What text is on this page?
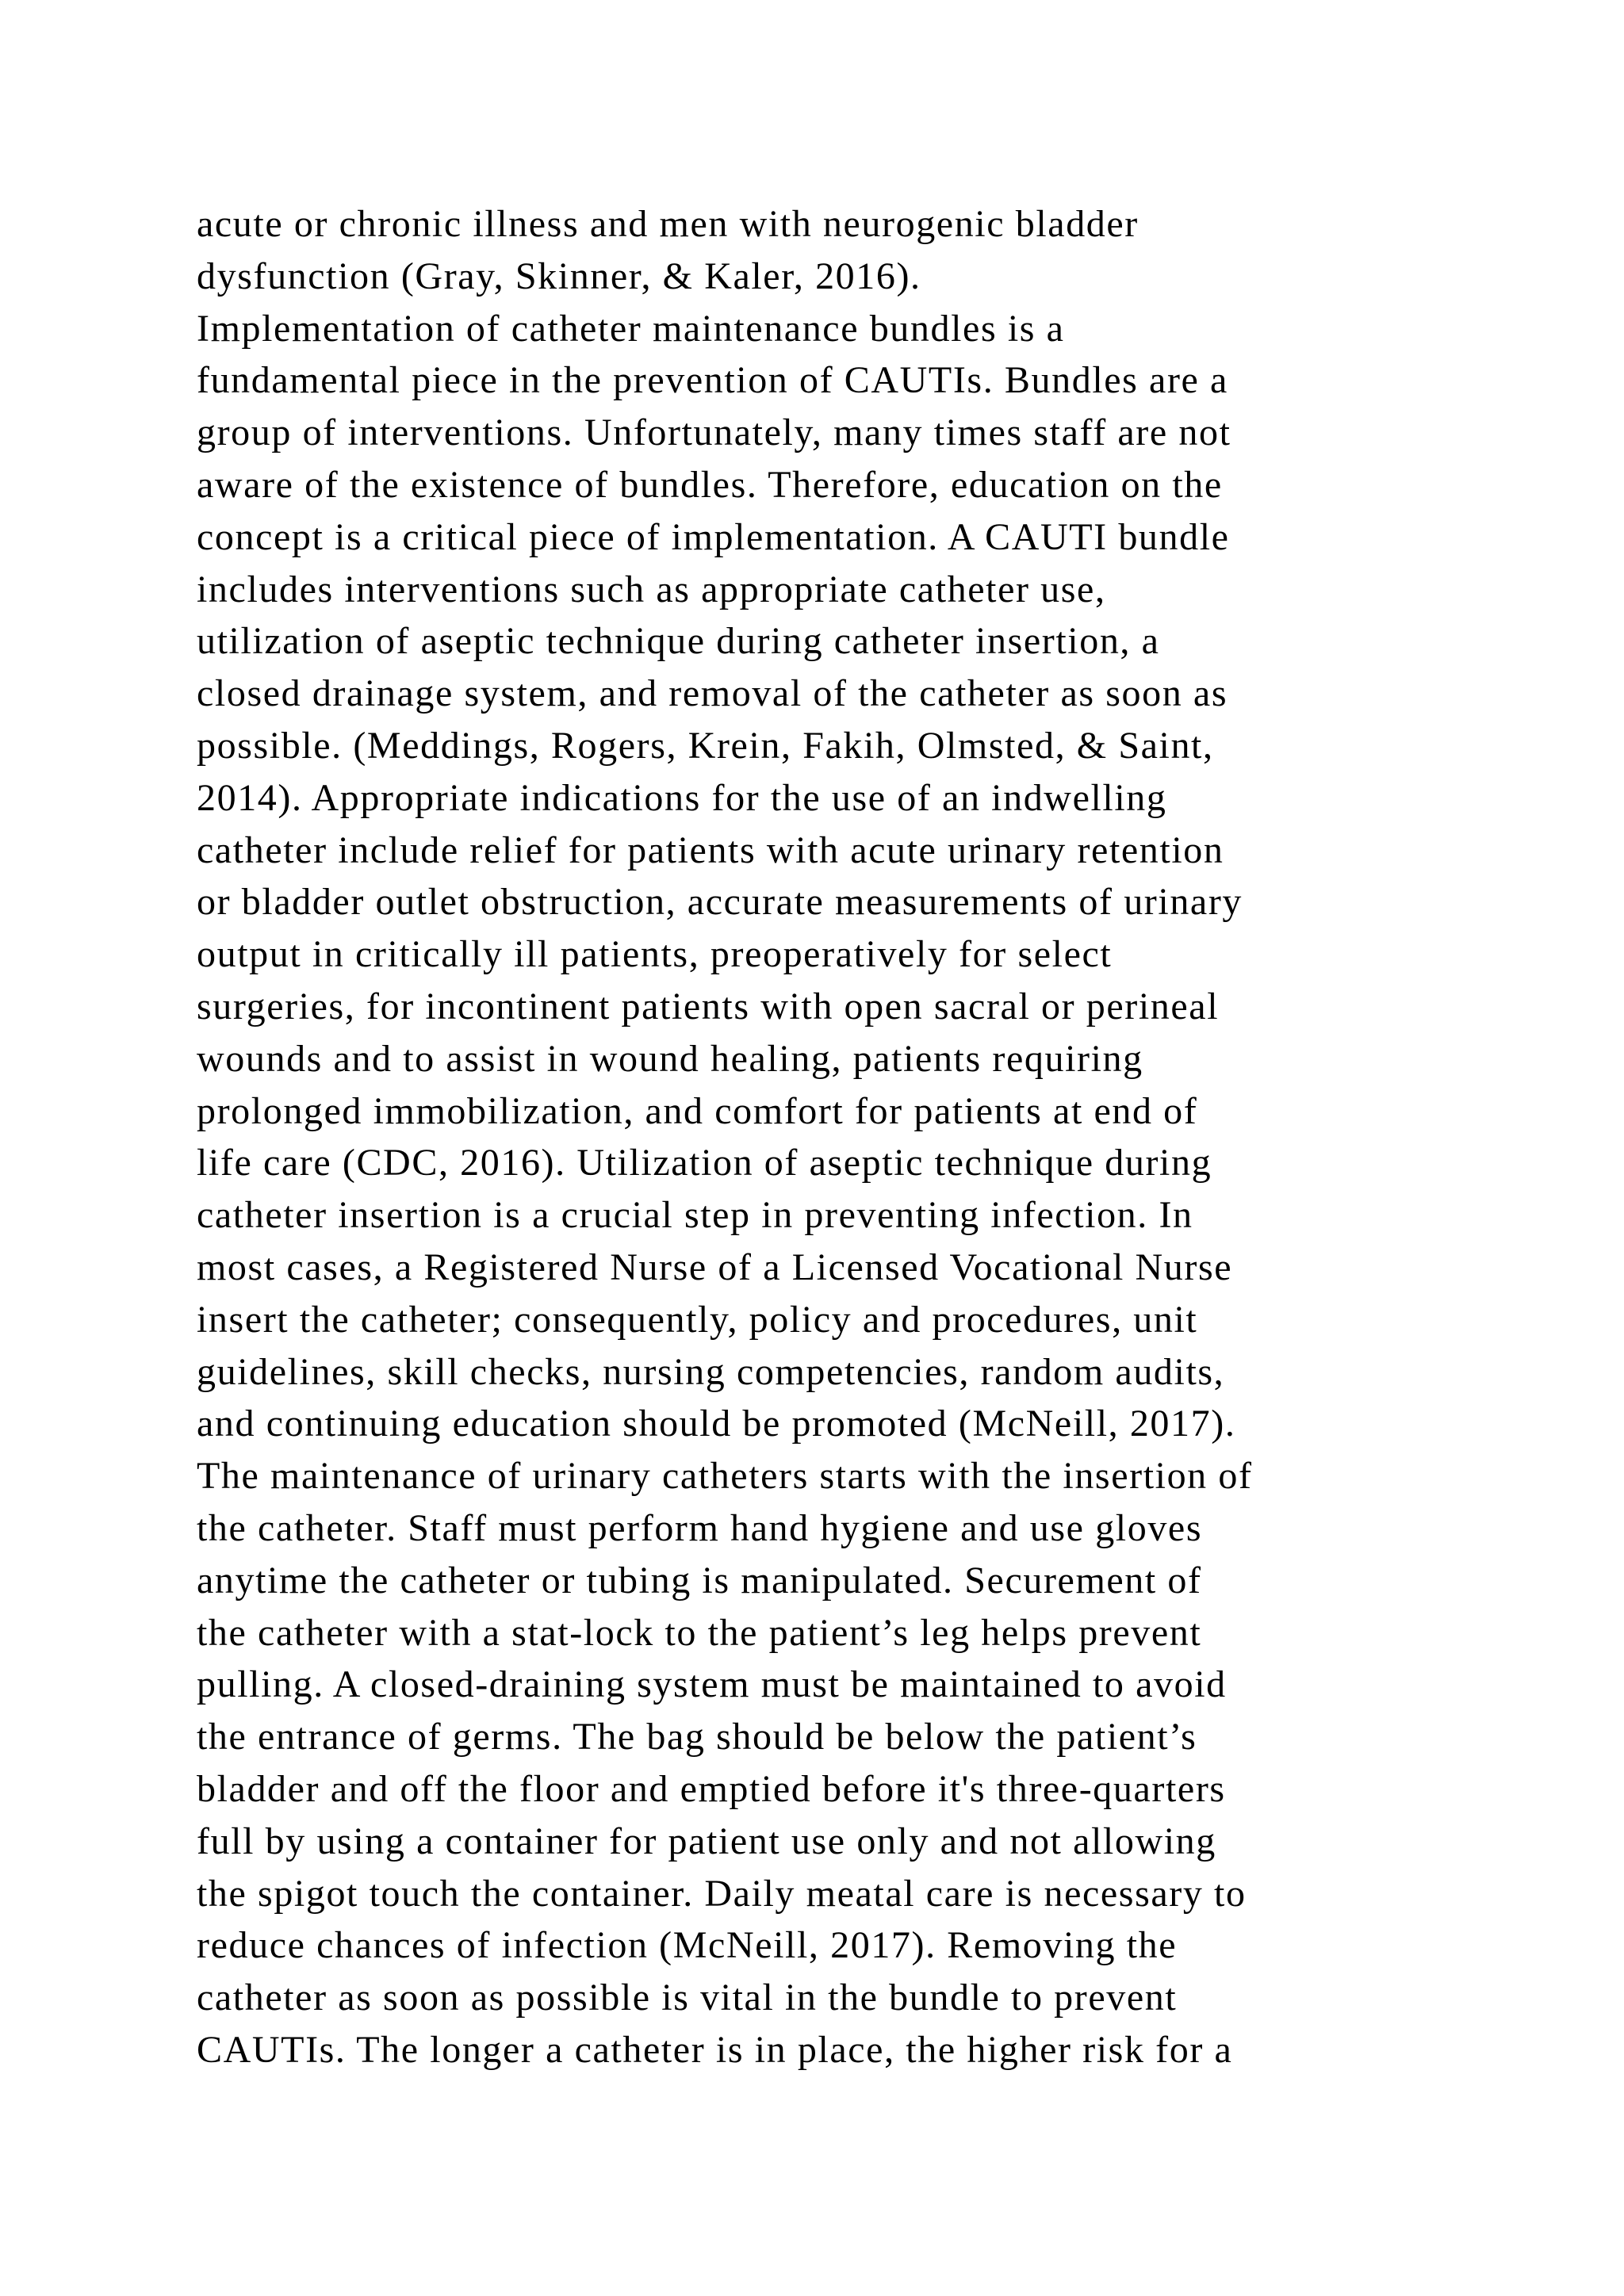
acute or chronic illness and men with neurogenic bladder
dysfunction (Gray, Skinner, & Kaler, 2016).
Implementation of catheter maintenance bundles is a
fundamental piece in the prevention of CAUTIs. Bundles are a
group of interventions. Unfortunately, many times staff are not
aware of the existence of bundles. Therefore, education on the
concept is a critical piece of implementation. A CAUTI bundle
includes interventions such as appropriate catheter use,
utilization of aseptic technique during catheter insertion, a
closed drainage system, and removal of the catheter as soon as
possible. (Meddings, Rogers, Krein, Fakih, Olmsted, & Saint,
2014). Appropriate indications for the use of an indwelling
catheter include relief for patients with acute urinary retention
or bladder outlet obstruction, accurate measurements of urinary
output in critically ill patients, preoperatively for select
surgeries, for incontinent patients with open sacral or perineal
wounds and to assist in wound healing, patients requiring
prolonged immobilization, and comfort for patients at end of
life care (CDC, 2016). Utilization of aseptic technique during
catheter insertion is a crucial step in preventing infection. In
most cases, a Registered Nurse of a Licensed Vocational Nurse
insert the catheter; consequently, policy and procedures, unit
guidelines, skill checks, nursing competencies, random audits,
and continuing education should be promoted (McNeill, 2017).
The maintenance of urinary catheters starts with the insertion of
the catheter. Staff must perform hand hygiene and use gloves
anytime the catheter or tubing is manipulated. Securement of
the catheter with a stat-lock to the patient’s leg helps prevent
pulling. A closed-draining system must be maintained to avoid
the entrance of germs. The bag should be below the patient’s
bladder and off the floor and emptied before it's three-quarters
full by using a container for patient use only and not allowing
the spigot touch the container. Daily meatal care is necessary to
reduce chances of infection (McNeill, 2017). Removing the
catheter as soon as possible is vital in the bundle to prevent
CAUTIs. The longer a catheter is in place, the higher risk for a
